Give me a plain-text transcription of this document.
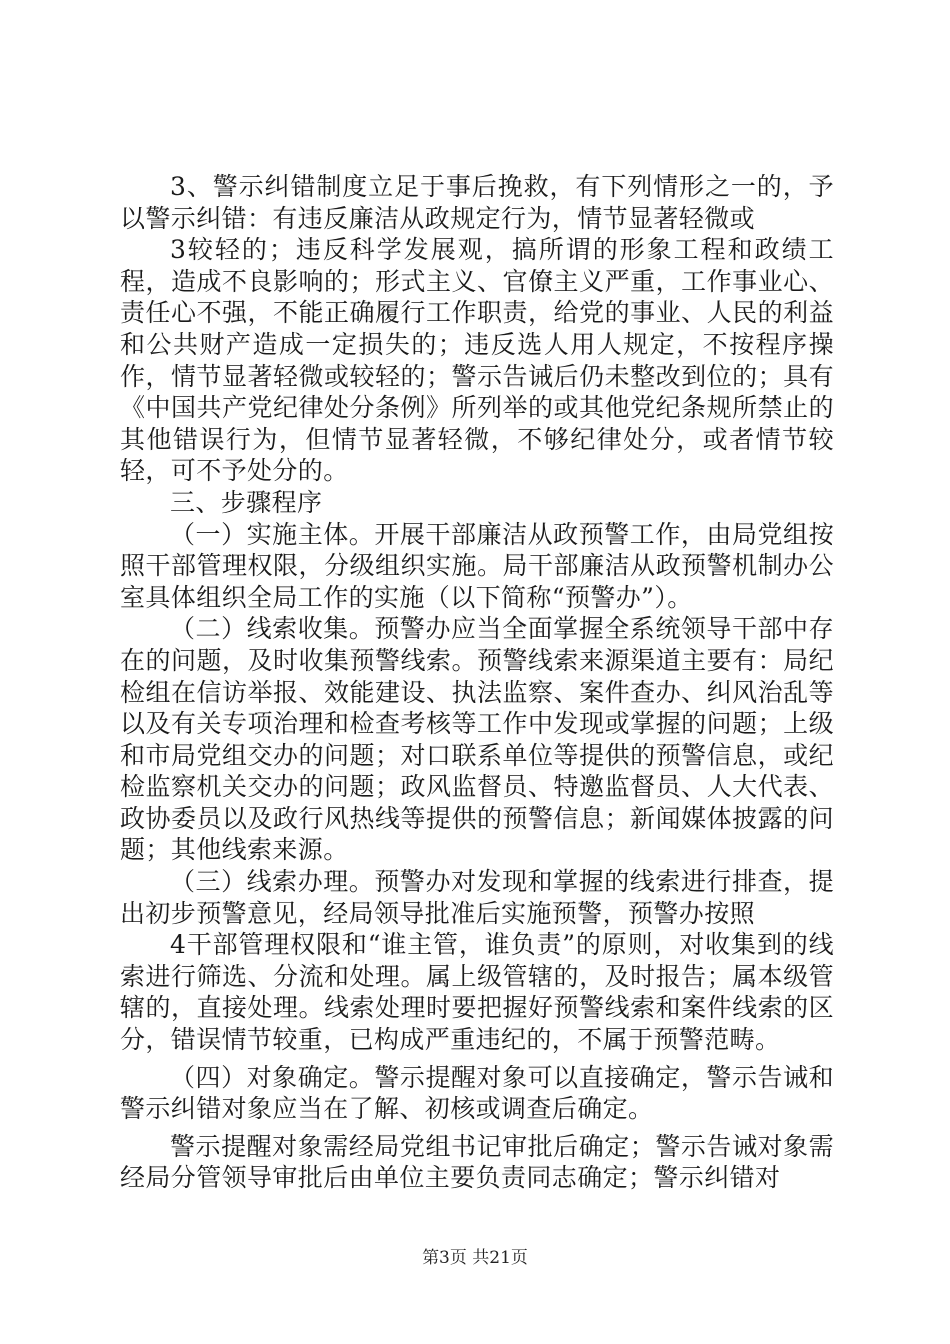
3、警示纠错制度立足于事后挽救，有下列情形之一的，予以警示纠错：有违反廉洁从政规定行为，情节显著轻微或

3较轻的；违反科学发展观，搞所谓的形象工程和政绩工程，造成不良影响的；形式主义、官僚主义严重，工作事业心、责任心不强，不能正确履行工作职责，给党的事业、人民的利益和公共财产造成一定损失的；违反选人用人规定，不按程序操作，情节显著轻微或较轻的；警示告诫后仍未整改到位的；具有《中国共产党纪律处分条例》所列举的或其他党纪条规所禁止的其他错误行为，但情节显著轻微，不够纪律处分，或者情节较轻，可不予处分的。

三、步骤程序

（一）实施主体。开展干部廉洁从政预警工作，由局党组按照干部管理权限，分级组织实施。局干部廉洁从政预警机制办公室具体组织全局工作的实施（以下简称“预警办”）。

（二）线索收集。预警办应当全面掌握全系统领导干部中存在的问题，及时收集预警线索。预警线索来源渠道主要有：局纪检组在信访举报、效能建设、执法监察、案件查办、纠风治乱等以及有关专项治理和检查考核等工作中发现或掌握的问题；上级和市局党组交办的问题；对口联系单位等提供的预警信息，或纪检监察机关交办的问题；政风监督员、特邀监督员、人大代表、政协委员以及政行风热线等提供的预警信息；新闻媒体披露的问题；其他线索来源。

（三）线索办理。预警办对发现和掌握的线索进行排查，提出初步预警意见，经局领导批准后实施预警，预警办按照

4干部管理权限和“谁主管，谁负责”的原则，对收集到的线索进行筛选、分流和处理。属上级管辖的，及时报告；属本级管辖的，直接处理。线索处理时要把握好预警线索和案件线索的区分，错误情节较重，已构成严重违纪的，不属于预警范畴。

（四）对象确定。警示提醒对象可以直接确定，警示告诫和警示纠错对象应当在了解、初核或调查后确定。

警示提醒对象需经局党组书记审批后确定；警示告诫对象需经局分管领导审批后由单位主要负责同志确定；警示纠错对

第3页 共21页
